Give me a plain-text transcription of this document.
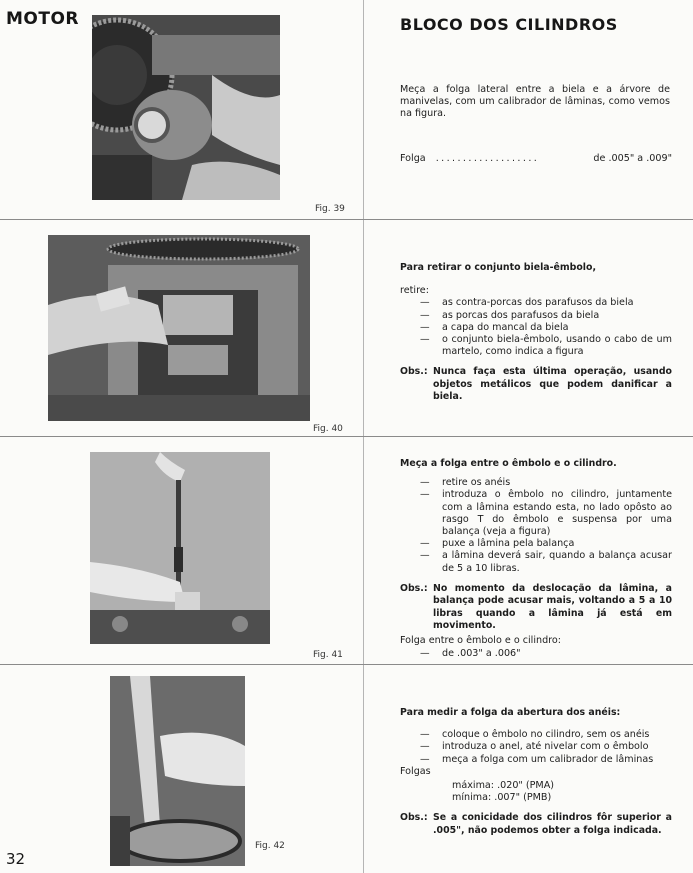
MOTOR	BLOCO DOS CILINDROS
Fig. 39
Fig. 40
Fig. 41
Fig. 42
32
Meça a folga lateral entre a biela e a árvore de manivelas, com um calibrador de lâminas, como vemos na figura.
Folga ...................	de .005" a .009"
Para retirar o conjunto biela-êmbolo,
retire:
—	as contra-porcas dos parafusos da biela
—	as porcas dos parafusos da biela
—	a capa do mancal da biela
—	o conjunto biela-êmbolo, usando o cabo de um martelo, como indica a figura
Obs.: Nunca faça esta última operação, usando objetos metálicos que podem danificar a biela.
Meça a folga entre o êmbolo e o cilindro.
—	retire os anéis
—	introduza o êmbolo no cilindro, juntamente com a lâmina estando esta, no lado opôsto ao rasgo T do êmbolo e suspensa por uma balança (veja a figura)
—	puxe a lâmina pela balança
—	a lâmina deverá sair, quando a balança acusar de 5 a 10 libras.
Obs.: No momento da deslocação da lâmina, a balança pode acusar mais, voltando a 5 a 10 libras quando a lâmina já está em movimento.
Folga entre o êmbolo e o cilindro:
—	de .003" a .006"
Para medir a folga da abertura dos anéis:
—	coloque o êmbolo no cilindro, sem os anéis
—	introduza o anel, até nivelar com o êmbolo
—	meça a folga com um calibrador de lâminas
Folgas
máxima: .020" (PMA)
mínima: .007" (PMB)
Obs.: Se a conicidade dos cilindros fôr superior a .005", não podemos obter a folga indicada.
